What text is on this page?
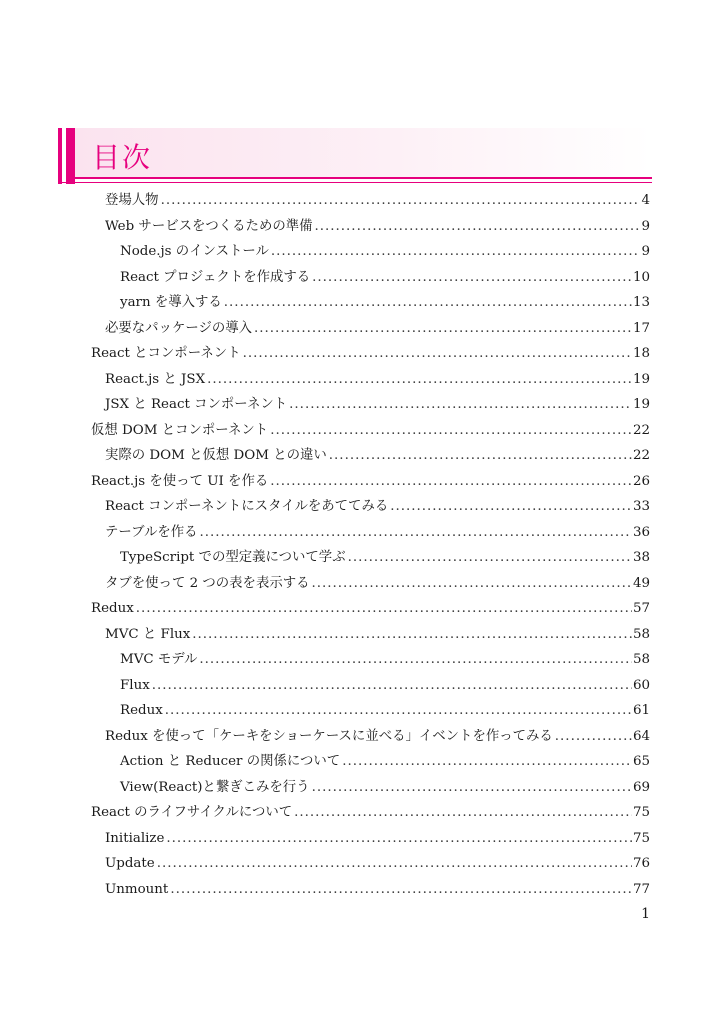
目次
登場人物 .....	4
Web サービスをつくるための準備 .....	9
Node.js のインストール .....	9
React プロジェクトを作成する .....	10
yarn を導入する .....	13
必要なパッケージの導入 .....	17
React とコンポーネント .....	18
React.js と JSX .....	19
JSX と React コンポーネント .....	19
仮想 DOM とコンポーネント .....	22
実際の DOM と仮想 DOM との違い .....	22
React.js を使って UI を作る .....	26
React コンポーネントにスタイルをあててみる .....	33
テーブルを作る .....	36
TypeScript での型定義について学ぶ .....	38
タブを使って 2 つの表を表示する .....	49
Redux .....	57
MVC と Flux .....	58
MVC モデル .....	58
Flux .....	60
Redux .....	61
Redux を使って「ケーキをショーケースに並べる」イベントを作ってみる .....	64
Action と Reducer の関係について .....	65
View(React)と繋ぎこみを行う .....	69
React のライフサイクルについて .....	75
Initialize .....	75
Update .....	76
Unmount .....	77
1
